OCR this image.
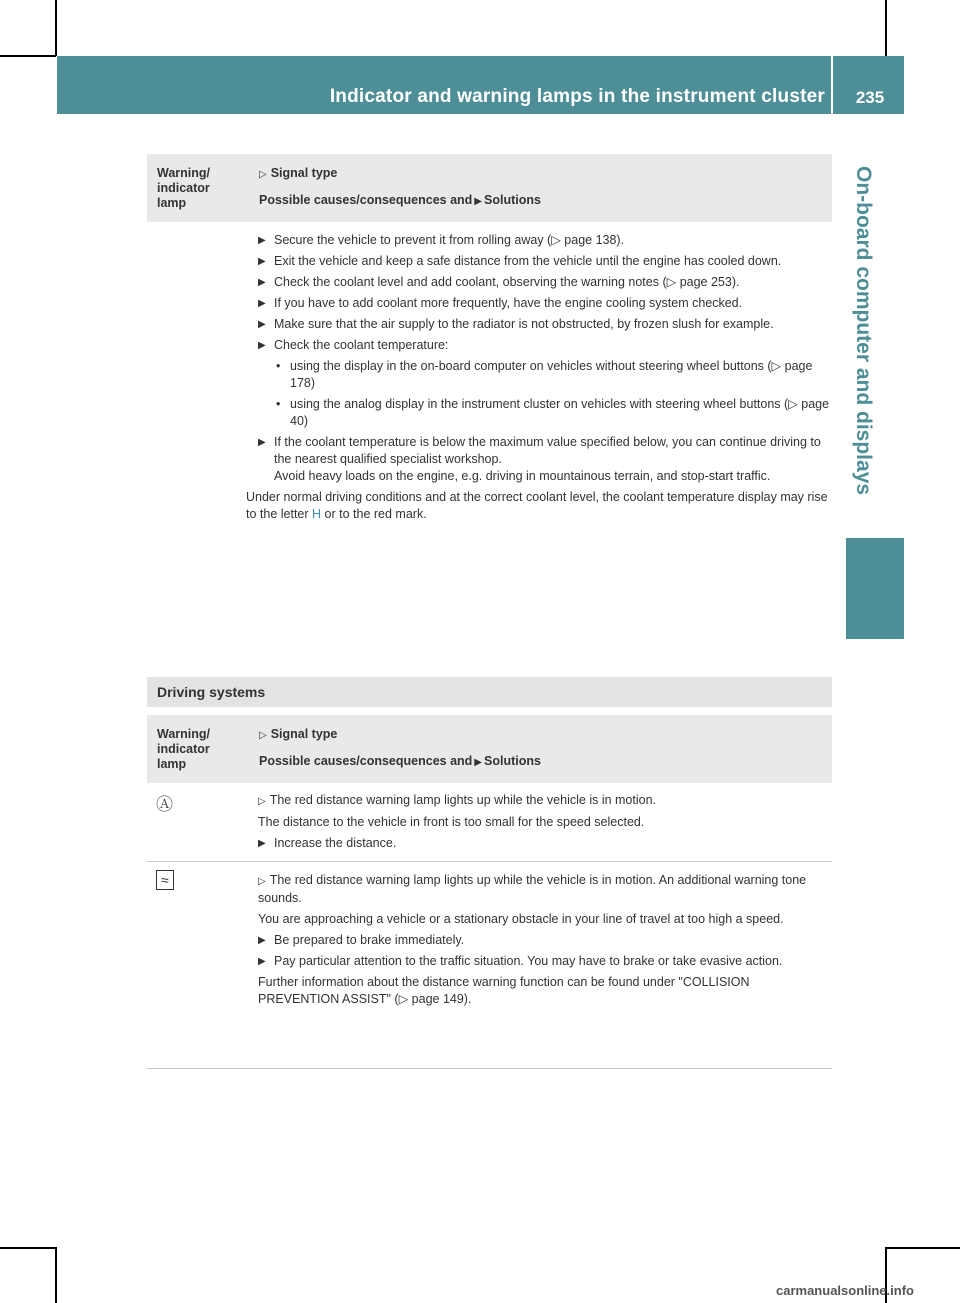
Indicator and warning lamps in the instrument cluster	235
On-board computer and displays
Warning/ indicator lamp
▷ Signal type
Possible causes/consequences and ▶ Solutions
▶ Secure the vehicle to prevent it from rolling away (▷ page 138).
▶ Exit the vehicle and keep a safe distance from the vehicle until the engine has cooled down.
▶ Check the coolant level and add coolant, observing the warning notes (▷ page 253).
▶ If you have to add coolant more frequently, have the engine cooling system checked.
▶ Make sure that the air supply to the radiator is not obstructed, by frozen slush for example.
▶ Check the coolant temperature:
• using the display in the on-board computer on vehicles without steering wheel buttons (▷ page 178)
• using the analog display in the instrument cluster on vehicles with steering wheel buttons (▷ page 40)
▶ If the coolant temperature is below the maximum value specified below, you can continue driving to the nearest qualified specialist workshop.

Avoid heavy loads on the engine, e.g. driving in mountainous terrain, and stop-start traffic.

Under normal driving conditions and at the correct coolant level, the coolant temperature display may rise to the letter H or to the red mark.

Driving systems
Warning/ indicator lamp
▷ Signal type
Possible causes/consequences and ▶ Solutions
Ⓐ	▷ The red distance warning lamp lights up while the vehicle is in motion.

The distance to the vehicle in front is too small for the speed selected.

▶ Increase the distance.
≈	▷ The red distance warning lamp lights up while the vehicle is in motion. An additional warning tone sounds.

You are approaching a vehicle or a stationary obstacle in your line of travel at too high a speed.

▶ Be prepared to brake immediately.
▶ Pay particular attention to the traffic situation. You may have to brake or take evasive action.

Further information about the distance warning function can be found under "COLLISION PREVENTION ASSIST" (▷ page 149).

carmanualsonline.info
